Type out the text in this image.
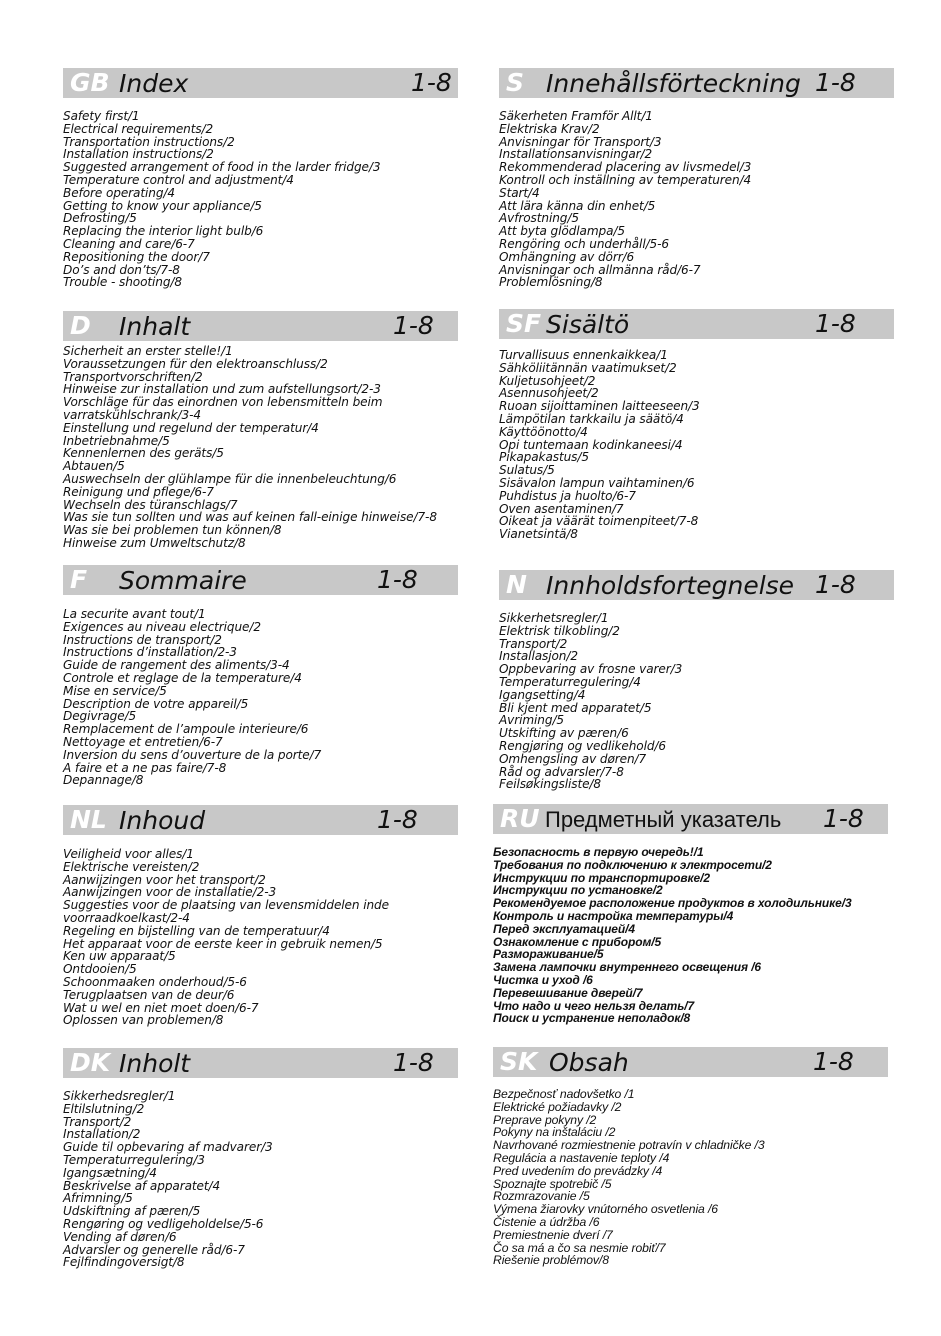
GB Index	1-8
Safety first/1
Electrical requirements/2
Transportation instructions/2
Installation instructions/2
Suggested arrangement of food in the larder fridge/3
Temperature control and adjustment/4
Before operating/4
Getting to know your appliance/5
Defrosting/5
Replacing the interior light bulb/6
Cleaning and care/6-7
Repositioning the door/7
Do’s and don’ts/7-8
Trouble - shooting/8
S Innehållsförteckning 1-8
Säkerheten Framför Allt/1
Elektriska Krav/2
Anvisningar för Transport/3
Installationsanvisningar/2
Rekommenderad placering av livsmedel/3
Kontroll och inställning av temperaturen/4
Start/4
Att lära känna din enhet/5
Avfrostning/5
Att byta glödlampa/5
Rengöring och underhåll/5-6
Omhängning av dörr/6
Anvisningar och allmänna råd/6-7
Problemlösning/8
D Inhalt	1-8
Sicherheit an erster stelle!/1
Voraussetzungen für den elektroanschluss/2
Transportvorschriften/2
Hinweise zur installation und zum aufstellungsort/2-3
Vorschläge für das einordnen von lebensmitteln beim
varratskühlschrank/3-4
Einstellung und regelund der temperatur/4
Inbetriebnahme/5
Kennenlernen des geräts/5
Abtauen/5
Auswechseln der glühlampe für die innenbeleuchtung/6
Reinigung und pflege/6-7
Wechseln des türanschlags/7
Was sie tun sollten und was auf keinen fall-einige hinweise/7-8
Was sie bei problemen tun können/8
Hinweise zum Umweltschutz/8
SF Sisältö	1-8
Turvallisuus ennenkaikkea/1
Sähköliitännän vaatimukset/2
Kuljetusohjeet/2
Asennusohjeet/2
Ruoan sijoittaminen laitteeseen/3
Lämpötilan tarkkailu ja säätö/4
Käyttöönotto/4
Opi tuntemaan kodinkaneesi/4
Pikapakastus/5
Sulatus/5
Sisävalon lampun vaihtaminen/6
Puhdistus ja huolto/6-7
Oven asentaminen/7
Oikeat ja väärät toimenpiteet/7-8
Vianetsintä/8
F Sommaire	1-8
La securite avant tout/1
Exigences au niveau electrique/2
Instructions de transport/2
Instructions d’installation/2-3
Guide de rangement des aliments/3-4
Controle et reglage de la temperature/4
Mise en service/5
Description de votre appareil/5
Degivrage/5
Remplacement de l’ampoule interieure/6
Nettoyage et entretien/6-7
Inversion du sens d’ouverture de la porte/7
A faire et a ne pas faire/7-8
Depannage/8
N Innholdsfortegnelse 1-8
Sikkerhetsregler/1
Elektrisk tilkobling/2
Transport/2
Installasjon/2
Oppbevaring av frosne varer/3
Temperaturregulering/4
Igangsetting/4
Bli kjent med apparatet/5
Avriming/5
Utskifting av pæren/6
Rengjøring og vedlikehold/6
Omhengsling av døren/7
Råd og advarsler/7-8
Feilsøkingsliste/8
NL Inhoud	1-8
Veiligheid voor alles/1
Elektrische vereisten/2
Aanwijzingen voor het transport/2
Aanwijzingen voor de installatie/2-3
Suggesties voor de plaatsing van levensmiddelen inde
voorraadkoelkast/2-4
Regeling en bijstelling van de temperatuur/4
Het apparaat voor de eerste keer in gebruik nemen/5
Ken uw apparaat/5
Ontdooien/5
Schoonmaaken onderhoud/5-6
Terugplaatsen van de deur/6
Wat u wel en niet moet doen/6-7
Oplossen van problemen/8
RU Предметный указатель 1-8
Безопасность в первую очередь!/1
Требования по подключению к электросети/2
Инструкции по транспортировке/2
Инструкции по установке/2
Рекомендуемое расположение продуктов в холодильнике/3
Контроль и настройка температуры/4
Перед эксплуатацией/4
Ознакомление с прибором/5
Размораживание/5
Замена лампочки внутреннего освещения /6
Чистка и уход /6
Перевешивание дверей/7
Что надо и чего нельзя делать/7
Поиск и устранение неполадок/8
DK Inholt	1-8
Sikkerhedsregler/1
Eltilslutning/2
Transport/2
Installation/2
Guide til opbevaring af madvarer/3
Temperaturregulering/3
Igangsætning/4
Beskrivelse af apparatet/4
Afrimning/5
Udskiftning af pæren/5
Rengøring og vedligeholdelse/5-6
Vending af døren/6
Advarsler og generelle råd/6-7
Fejlfindingoversigt/8
SK Obsah	1-8
Bezpečnosť nadovšetko /1
Elektrické požiadavky /2
Preprave pokyny /2
Pokyny na inštaláciu /2
Navrhované rozmiestnenie potravín v chladničke /3
Regulácia a nastavenie teploty /4
Pred uvedením do prevádzky /4
Spoznajte spotrebič /5
Rozmrazovanie /5
Výmena žiarovky vnútorného osvetlenia /6
Čistenie a údržba /6
Premiestnenie dverí /7
Čo sa má a čo sa nesmie robiť/7
Riešenie problémov/8
